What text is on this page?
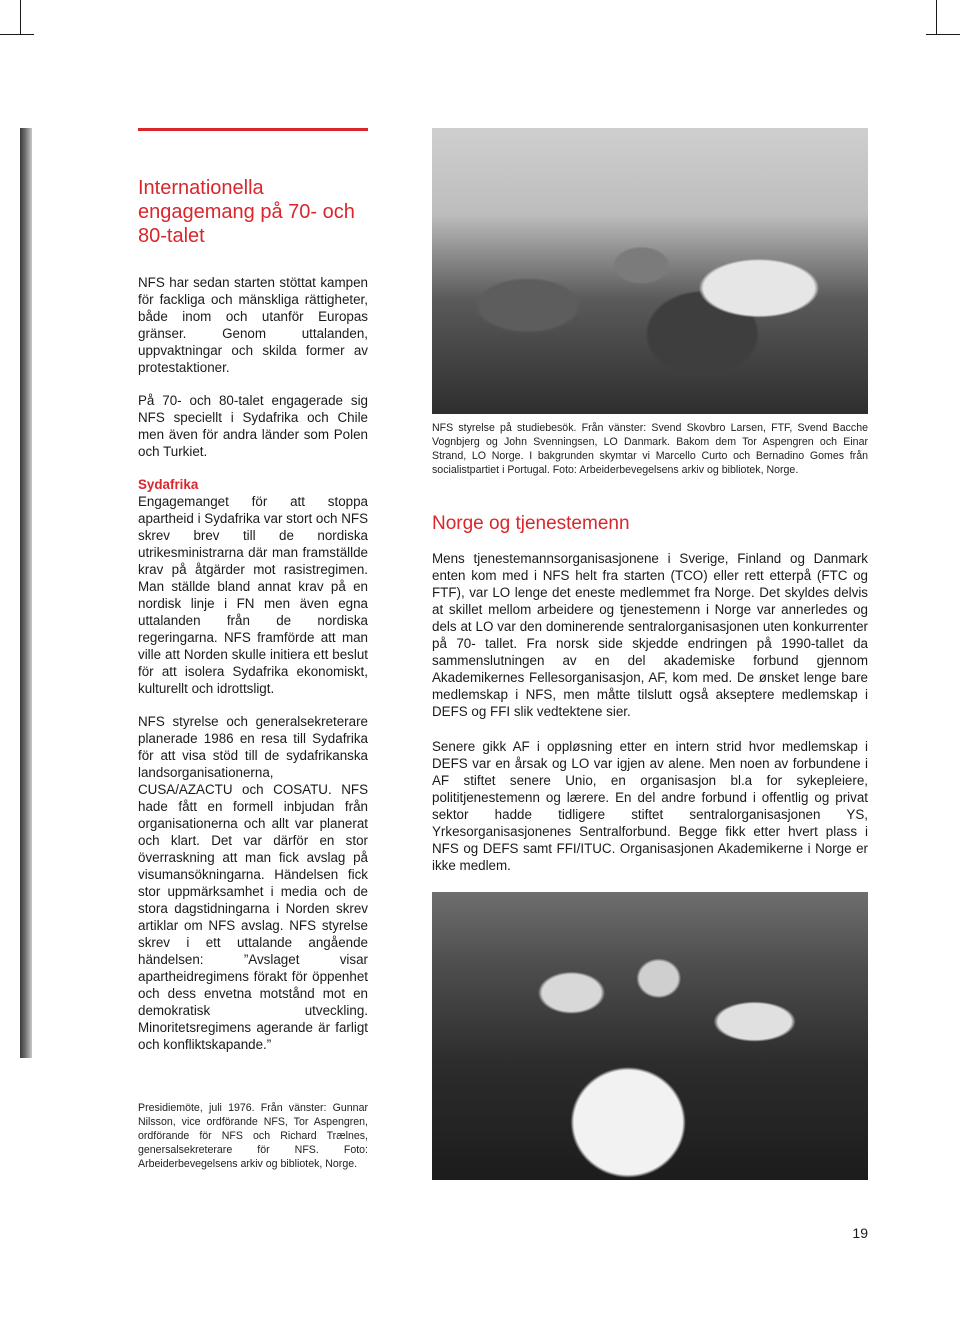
Internationella engagemang på 70- och 80-talet

NFS har sedan starten stöttat kampen för fackliga och mänskliga rättigheter, både inom och utanför Europas gränser. Genom uttalanden, uppvaktningar och skilda former av protestaktioner.

På 70- och 80-talet engagerade sig NFS speciellt i Sydafrika och Chile men även för andra länder som Polen och Turkiet.

Sydafrika
Engagemanget för att stoppa apartheid i Sydafrika var stort och NFS skrev brev till de nordiska utrikesministrarna där man framställde krav på åtgärder mot rasistregimen. Man ställde bland annat krav på en nordisk linje i FN men även egna uttalanden från de nordiska regeringarna. NFS framförde att man ville att Norden skulle initiera ett beslut för att isolera Sydafrika ekonomiskt, kulturellt och idrottsligt.

NFS styrelse och generalsekreterare planerade 1986 en resa till Sydafrika för att visa stöd till de sydafrikanska landsorganisationerna, CUSA/AZACTU och COSATU. NFS hade fått en formell inbjudan från organisationerna och allt var planerat och klart. Det var därför en stor överraskning att man fick avslag på visumansökningarna. Händelsen fick stor uppmärksamhet i media och de stora dagstidningarna i Norden skrev artiklar om NFS avslag. NFS styrelse skrev i ett uttalande angående händelsen: ”Avslaget visar apartheidregimens förakt för öppenhet och dess envetna motstånd mot en demokratisk utveckling. Minoritetsregimens agerande är farligt och konfliktskapande.”

NFS styrelse på studiebesök. Från vänster: Svend Skovbro Larsen, FTF, Svend Bacche Vognbjerg og John Svenningsen, LO Danmark. Bakom dem Tor Aspengren och Einar Strand, LO Norge. I bakgrunden skymtar vi Marcello Curto och Bernadino Gomes från socialistpartiet i Portugal. Foto: Arbeiderbevegelsens arkiv og bibliotek, Norge.
Norge og tjenestemenn

Mens tjenestemannsorganisasjonene i Sverige, Finland og Danmark enten kom med i NFS helt fra starten (TCO) eller rett etterpå (FTC og FTF), var LO lenge det eneste medlemmet fra Norge. Det skyldes delvis at skillet mellom arbeidere og tjenestemenn i Norge var annerledes og dels at LO var den dominerende sentralorganisasjonen uten konkurrenter på 70- tallet. Fra norsk side skjedde endringen på 1990-tallet da sammenslutningen av en del akademiske forbund gjennom Akademikernes Fellesorganisasjon, AF, kom med. De ønsket lenge bare medlemskap i NFS, men måtte tilslutt også akseptere medlemskap i DEFS og FFI slik vedtektene sier.

Senere gikk AF i oppløsning etter en intern strid hvor medlemskap i DEFS var en årsak og LO var igjen av alene. Men noen av forbundene i AF stiftet senere Unio, en organisasjon bl.a for sykepleiere, polititjenestemenn og lærere. En del andre forbund i offentlig og privat sektor hadde tidligere stiftet sentralorganisasjonen YS, Yrkesorganisasjonenes Sentralforbund. Begge fikk etter hvert plass i NFS og DEFS samt FFI/ITUC. Organisasjonen Akademikerne i Norge er ikke medlem.

Presidiemöte, juli 1976. Från vänster: Gunnar Nilsson, vice ordförande NFS, Tor Aspengren, ordförande för NFS och Richard Trælnes, genersalsekreterare för NFS. Foto: Arbeiderbevegelsens arkiv og bibliotek, Norge.
19
